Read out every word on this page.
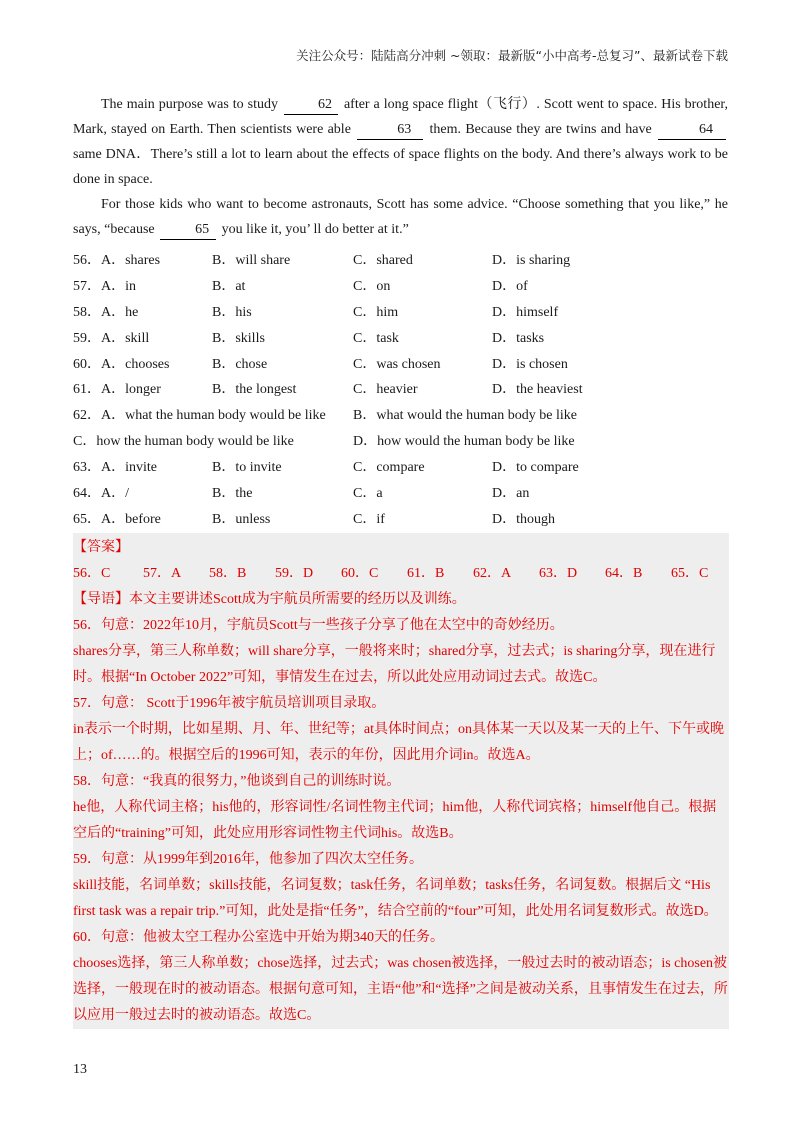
关注公众号：陆陆高分冲刺 ~领取：最新版“小中高考-总复习”、最新试卷下载

The main purpose was to study	62 after a long space flight（飞行）. Scott went to space. His brother, Mark, stayed on Earth. Then scientists were able	63 them. Because they are twins and have	64 same DNA．There’s still a lot to learn about the effects of space flights on the body. And there’s always work to be done in space.

For those kids who want to become astronauts, Scott has some advice. “Choose something that you like,” he says, “because	65 you like it, you’ ll do better at it.”

56．A．shares	B．will share	C．shared	D．is sharing
57．A．in	B．at	C．on	D．of
58．A．he	B．his	C．him	D．himself
59．A．skill	B．skills	C．task	D．tasks
60．A．chooses	B．chose	C．was chosen	D．is chosen
61．A．longer	B．the longest	C．heavier	D．the heaviest
62．A．what the human body would be like	B．what would the human body be like
C．how the human body would be like	D．how would the human body be like
63．A．invite	B．to invite	C．compare	D．to compare
64．A．/	B．the	C．a	D．an
65．A．before	B．unless	C．if	D．though

【答案】

56．C	57．A	58．B	59．D	60．C	61．B	62．A	63．D	64．B	65．C

【导语】本文主要讲述Scott成为宇航员所需要的经历以及训练。

56．句意：2022年10月，宇航员Scott与一些孩子分享了他在太空中的奇妙经历。

shares分享，第三人称单数；will share分享，一般将来时；shared分享，过去式；is sharing分享，现在进行时。根据“In October 2022”可知，事情发生在过去，所以此处应用动词过去式。故选C。

57．句意： Scott于1996年被宇航员培训项目录取。

in表示一个时期，比如星期、月、年、世纪等；at具体时间点；on具体某一天以及某一天的上午、下午或晚上；of……的。根据空后的1996可知，表示的年份，因此用介词in。故选A。

58．句意：“我真的很努力，”他谈到自己的训练时说。

he他，人称代词主格；his他的，形容词性/名词性物主代词；him他，人称代词宾格；himself他自己。根据空后的“training”可知，此处应用形容词性物主代词his。故选B。

59．句意：从1999年到2016年，他参加了四次太空任务。

skill技能，名词单数；skills技能，名词复数；task任务，名词单数；tasks任务，名词复数。根据后文 “His first task was a repair trip.”可知，此处是指“任务”，结合空前的“four”可知，此处用名词复数形式。故选D。

60．句意：他被太空工程办公室选中开始为期340天的任务。

chooses选择，第三人称单数；chose选择，过去式；was chosen被选择，一般过去时的被动语态；is chosen被选择，一般现在时的被动语态。根据句意可知，主语“他”和“选择”之间是被动关系，且事情发生在过去，所以应用一般过去时的被动语态。故选C。

13
